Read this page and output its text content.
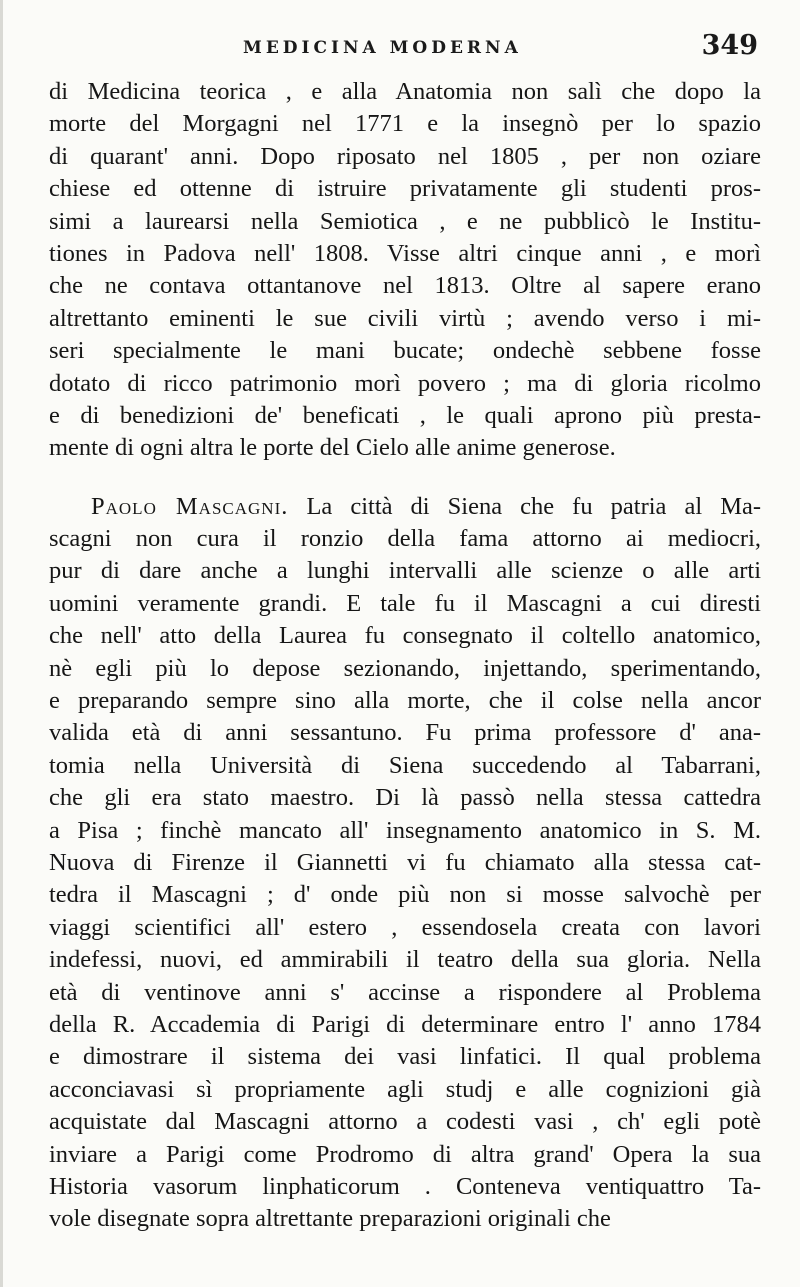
MEDICINA MODERNA	349
di Medicina teorica , e alla Anatomia non salì che dopo la
morte del Morgagni nel 1771 e la insegnò per lo spazio
di quarant' anni. Dopo riposato nel 1805 , per non oziare
chiese ed ottenne di istruire privatamente gli studenti pros-
simi a laurearsi nella Semiotica , e ne pubblicò le Institu-
tiones in Padova nell' 1808. Visse altri cinque anni , e morì
che ne contava ottantanove nel 1813. Oltre al sapere erano
altrettanto eminenti le sue civili virtù ; avendo verso i mi-
seri specialmente le mani bucate; ondechè sebbene fosse
dotato di ricco patrimonio morì povero ; ma di gloria ricolmo
e di benedizioni de' beneficati , le quali aprono più presta-
mente di ogni altra le porte del Cielo alle anime generose.
Paolo Mascagni. La città di Siena che fu patria al Ma-
scagni non cura il ronzio della fama attorno ai mediocri,
pur di dare anche a lunghi intervalli alle scienze o alle arti
uomini veramente grandi. E tale fu il Mascagni a cui diresti
che nell' atto della Laurea fu consegnato il coltello anatomico,
nè egli più lo depose sezionando, injettando, sperimentando,
e preparando sempre sino alla morte, che il colse nella ancor
valida età di anni sessantuno. Fu prima professore d' ana-
tomia nella Università di Siena succedendo al Tabarrani,
che gli era stato maestro. Di là passò nella stessa cattedra
a Pisa ; finchè mancato all' insegnamento anatomico in S. M.
Nuova di Firenze il Giannetti vi fu chiamato alla stessa cat-
tedra il Mascagni ; d' onde più non si mosse salvochè per
viaggi scientifici all' estero , essendosela creata con lavori
indefessi, nuovi, ed ammirabili il teatro della sua gloria. Nella
età di ventinove anni s' accinse a rispondere al Problema
della R. Accademia di Parigi di determinare entro l' anno 1784
e dimostrare il sistema dei vasi linfatici. Il qual problema
acconciavasi sì propriamente agli studj e alle cognizioni già
acquistate dal Mascagni attorno a codesti vasi , ch' egli potè
inviare a Parigi come Prodromo di altra grand' Opera la sua
Historia vasorum linphaticorum . Conteneva ventiquattro Ta-
vole disegnate sopra altrettante preparazioni originali che
